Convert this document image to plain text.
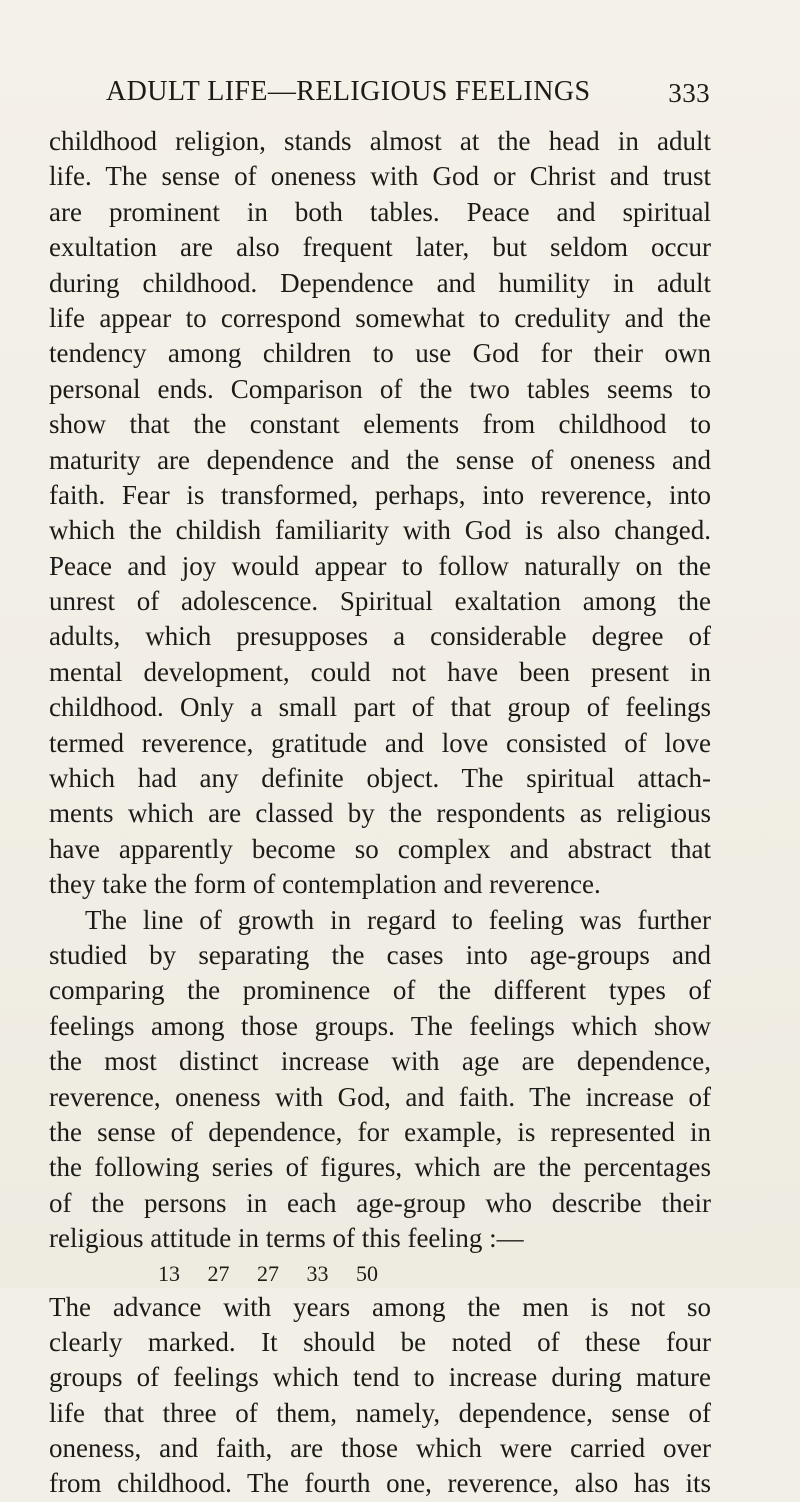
ADULT LIFE—RELIGIOUS FEELINGS	333
childhood religion, stands almost at the head in adult
life. The sense of oneness with God or Christ and trust
are prominent in both tables. Peace and spiritual
exultation are also frequent later, but seldom occur
during childhood. Dependence and humility in adult
life appear to correspond somewhat to credulity and the
tendency among children to use God for their own
personal ends. Comparison of the two tables seems to
show that the constant elements from childhood to
maturity are dependence and the sense of oneness and
faith. Fear is transformed, perhaps, into reverence, into
which the childish familiarity with God is also changed.
Peace and joy would appear to follow naturally on the
unrest of adolescence. Spiritual exaltation among the
adults, which presupposes a considerable degree of
mental development, could not have been present in
childhood. Only a small part of that group of feelings
termed reverence, gratitude and love consisted of love
which had any definite object. The spiritual attach-
ments which are classed by the respondents as religious
have apparently become so complex and abstract that
they take the form of contemplation and reverence.
The line of growth in regard to feeling was further
studied by separating the cases into age-groups and
comparing the prominence of the different types of
feelings among those groups. The feelings which show
the most distinct increase with age are dependence,
reverence, oneness with God, and faith. The increase of
the sense of dependence, for example, is represented in
the following series of figures, which are the percentages
of the persons in each age-group who describe their
religious attitude in terms of this feeling :—
13 27 27 33 50
The advance with years among the men is not so
clearly marked. It should be noted of these four
groups of feelings which tend to increase during mature
life that three of them, namely, dependence, sense of
oneness, and faith, are those which were carried over
from childhood. The fourth one, reverence, also has its
